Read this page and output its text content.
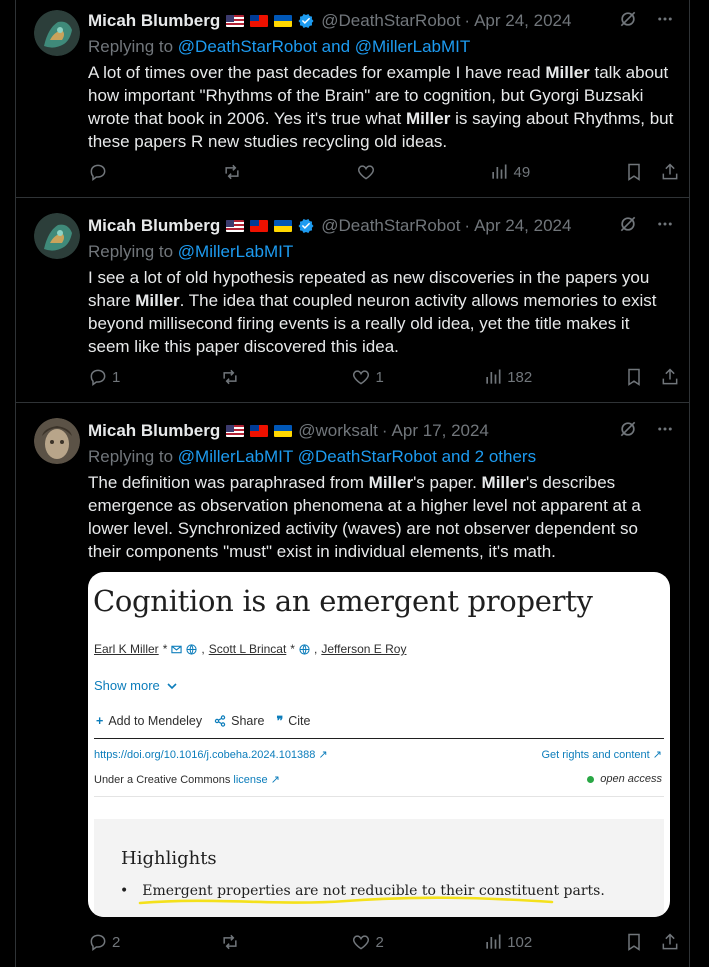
Micah Blumberg	@DeathStarRobot · Apr 24, 2024
Replying to @DeathStarRobot and @MillerLabMIT
A lot of times over the past decades for example I have read Miller talk about how important "Rhythms of the Brain" are to cognition, but Gyorgi Buzsaki wrote that book in 2006. Yes it's true what Miller is saying about Rhythms, but these papers R new studies recycling old ideas.
49
Micah Blumberg	@DeathStarRobot · Apr 24, 2024
Replying to @MillerLabMIT
I see a lot of old hypothesis repeated as new discoveries in the papers you share Miller. The idea that coupled neuron activity allows memories to exist beyond millisecond firing events is a really old idea, yet the title makes it seem like this paper discovered this idea.
1	1	182
Micah Blumberg	@worksalt · Apr 17, 2024
Replying to @MillerLabMIT @DeathStarRobot and 2 others
The definition was paraphrased from Miller's paper. Miller's describes emergence as observation phenomena at a higher level not apparent at a lower level. Synchronized activity (waves) are not observer dependent so their components "must" exist in individual elements, it's math.
2	2	102
Cognition is an emergent property
Earl K Miller *	, Scott L Brincat * , Jefferson E Roy
Show more
+ Add to Mendeley Share ❞ Cite
https://doi.org/10.1016/j.cobeha.2024.101388 ↗	Get rights and content ↗
Under a Creative Commons license ↗	open access
Highlights
• Emergent properties are not reducible to their constituent parts.
